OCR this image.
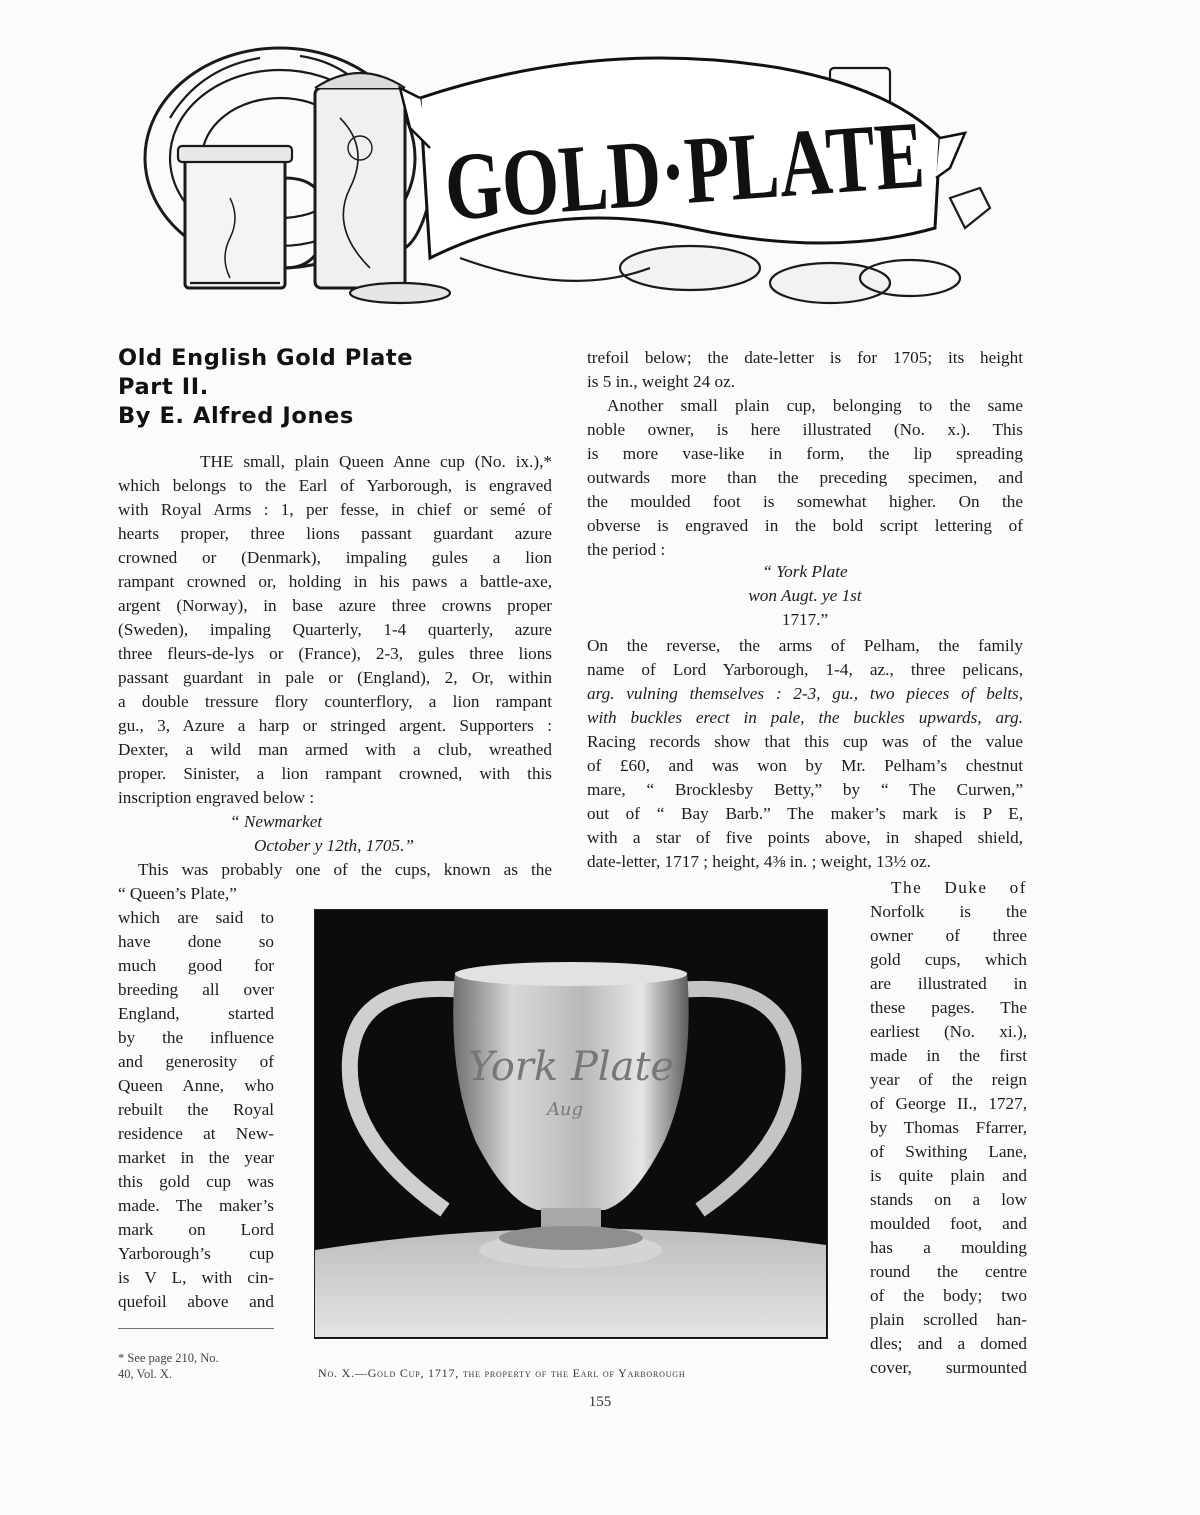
GOLD·PLATE
Old English Gold Plate
Part II.
By E. Alfred Jones
THE small, plain Queen Anne cup (No. ix.),*
which belongs to the Earl of Yarborough, is engraved
with Royal Arms : 1, per fesse, in chief or semé of
hearts proper, three lions passant guardant azure
crowned or (Denmark), impaling gules a lion
rampant crowned or, holding in his paws a battle-axe,
argent (Norway), in base azure three crowns proper
(Sweden), impaling Quarterly, 1-4 quarterly, azure
three fleurs-de-lys or (France), 2-3, gules three lions
passant guardant in pale or (England), 2, Or, within
a double tressure flory counterflory, a lion rampant
gu., 3, Azure a harp or stringed argent. Supporters :
Dexter, a wild man armed with a club, wreathed
proper. Sinister, a lion rampant crowned, with this
inscription engraved below :
“ Newmarket
October y 12th, 1705.”
This was probably one of the cups, known as the
“ Queen’s Plate,”
which are said to
have done so
much good for
breeding all over
England, started
by the influence
and generosity of
Queen Anne, who
rebuilt the Royal
residence at New-
market in the year
this gold cup was
made. The maker’s
mark on Lord
Yarborough’s cup
is V L, with cin-
quefoil above and
* See page 210, No.
40, Vol. X.
trefoil below; the date-letter is for 1705; its height
is 5 in., weight 24 oz.
Another small plain cup, belonging to the same
noble owner, is here illustrated (No. x.). This
is more vase-like in form, the lip spreading
outwards more than the preceding specimen, and
the moulded foot is somewhat higher. On the
obverse is engraved in the bold script lettering of
the period :
“ York Plate
won Augt. ye 1st
1717.”
On the reverse, the arms of Pelham, the family
name of Lord Yarborough, 1-4, az., three pelicans,
arg. vulning themselves : 2-3, gu., two pieces of belts,
with buckles erect in pale, the buckles upwards, arg.
Racing records show that this cup was of the value
of £60, and was won by Mr. Pelham’s chestnut
mare, “ Brocklesby Betty,” by “ The Curwen,”
out of “ Bay Barb.” The maker’s mark is P E,
with a star of five points above, in shaped shield,
date-letter, 1717 ; height, 4⅜ in. ; weight, 13½ oz.
The Duke of
Norfolk is the
owner of three
gold cups, which
are illustrated in
these pages. The
earliest (No. xi.),
made in the first
year of the reign
of George II., 1727,
by Thomas Ffarrer,
of Swithing Lane,
is quite plain and
stands on a low
moulded foot, and
has a moulding
round the centre
of the body; two
plain scrolled han-
dles; and a domed
cover, surmounted
York Plate
Aug
No. X.—Gold Cup, 1717, the property of the Earl of Yarborough
155
